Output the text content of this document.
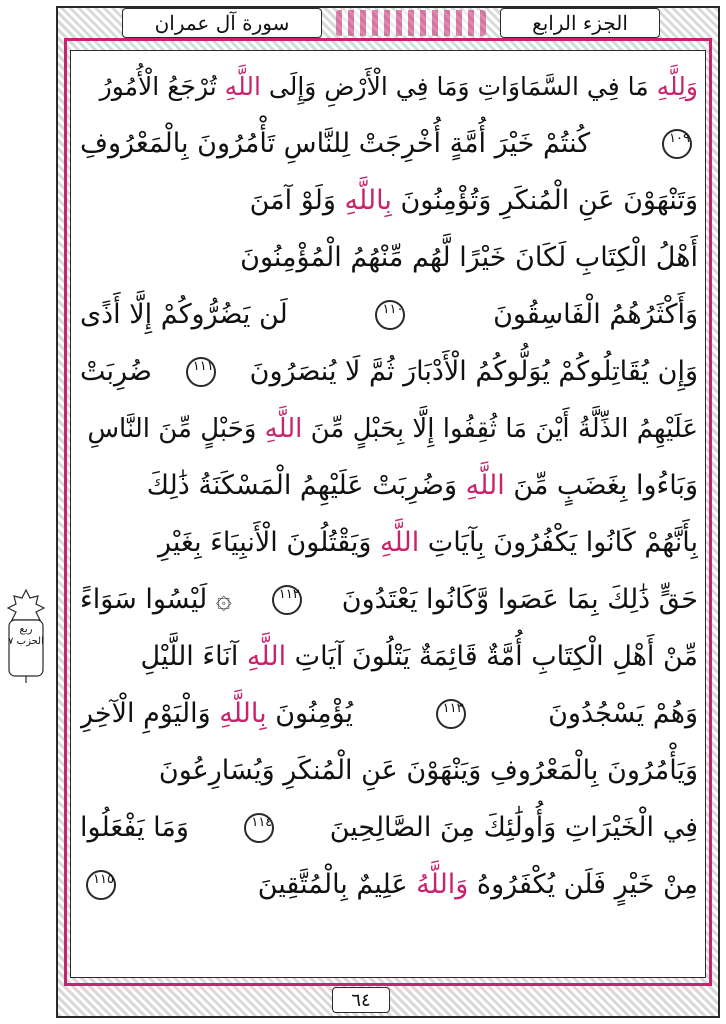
سورة آل عمران	الجزء الرابع
وَلِلَّهِ مَا فِي السَّمَاوَاتِ وَمَا فِي الْأَرْضِ وَإِلَى اللَّهِ تُرْجَعُ الْأُمُورُ
١٠٩
كُنتُمْ خَيْرَ أُمَّةٍ أُخْرِجَتْ لِلنَّاسِ تَأْمُرُونَ بِالْمَعْرُوفِ
وَتَنْهَوْنَ عَنِ الْمُنكَرِ وَتُؤْمِنُونَ بِاللَّهِ وَلَوْ آمَنَ
أَهْلُ الْكِتَابِ لَكَانَ خَيْرًا لَّهُم مِّنْهُمُ الْمُؤْمِنُونَ
وَأَكْثَرُهُمُ الْفَاسِقُونَ
١١٠
لَن يَضُرُّوكُمْ إِلَّا أَذًى
وَإِن يُقَاتِلُوكُمْ يُوَلُّوكُمُ الْأَدْبَارَ ثُمَّ لَا يُنصَرُونَ
١١١
ضُرِبَتْ
عَلَيْهِمُ الذِّلَّةُ أَيْنَ مَا ثُقِفُوا إِلَّا بِحَبْلٍ مِّنَ اللَّهِ وَحَبْلٍ مِّنَ النَّاسِ
وَبَاءُوا بِغَضَبٍ مِّنَ اللَّهِ وَضُرِبَتْ عَلَيْهِمُ الْمَسْكَنَةُ ذَٰلِكَ
بِأَنَّهُمْ كَانُوا يَكْفُرُونَ بِآيَاتِ اللَّهِ وَيَقْتُلُونَ الْأَنبِيَاءَ بِغَيْرِ
حَقٍّ ذَٰلِكَ بِمَا عَصَوا وَّكَانُوا يَعْتَدُونَ
١١٢
۞ لَيْسُوا سَوَاءً
مِّنْ أَهْلِ الْكِتَابِ أُمَّةٌ قَائِمَةٌ يَتْلُونَ آيَاتِ اللَّهِ آنَاءَ اللَّيْلِ
وَهُمْ يَسْجُدُونَ
١١٣
يُؤْمِنُونَ بِاللَّهِ وَالْيَوْمِ الْآخِرِ
وَيَأْمُرُونَ بِالْمَعْرُوفِ وَيَنْهَوْنَ عَنِ الْمُنكَرِ وَيُسَارِعُونَ
فِي الْخَيْرَاتِ وَأُولَٰئِكَ مِنَ الصَّالِحِينَ
١١٤
وَمَا يَفْعَلُوا
مِنْ خَيْرٍ فَلَن يُكْفَرُوهُ وَاللَّهُ عَلِيمٌ بِالْمُتَّقِينَ
١١٥
ربع الحزب ٧
٦٤
